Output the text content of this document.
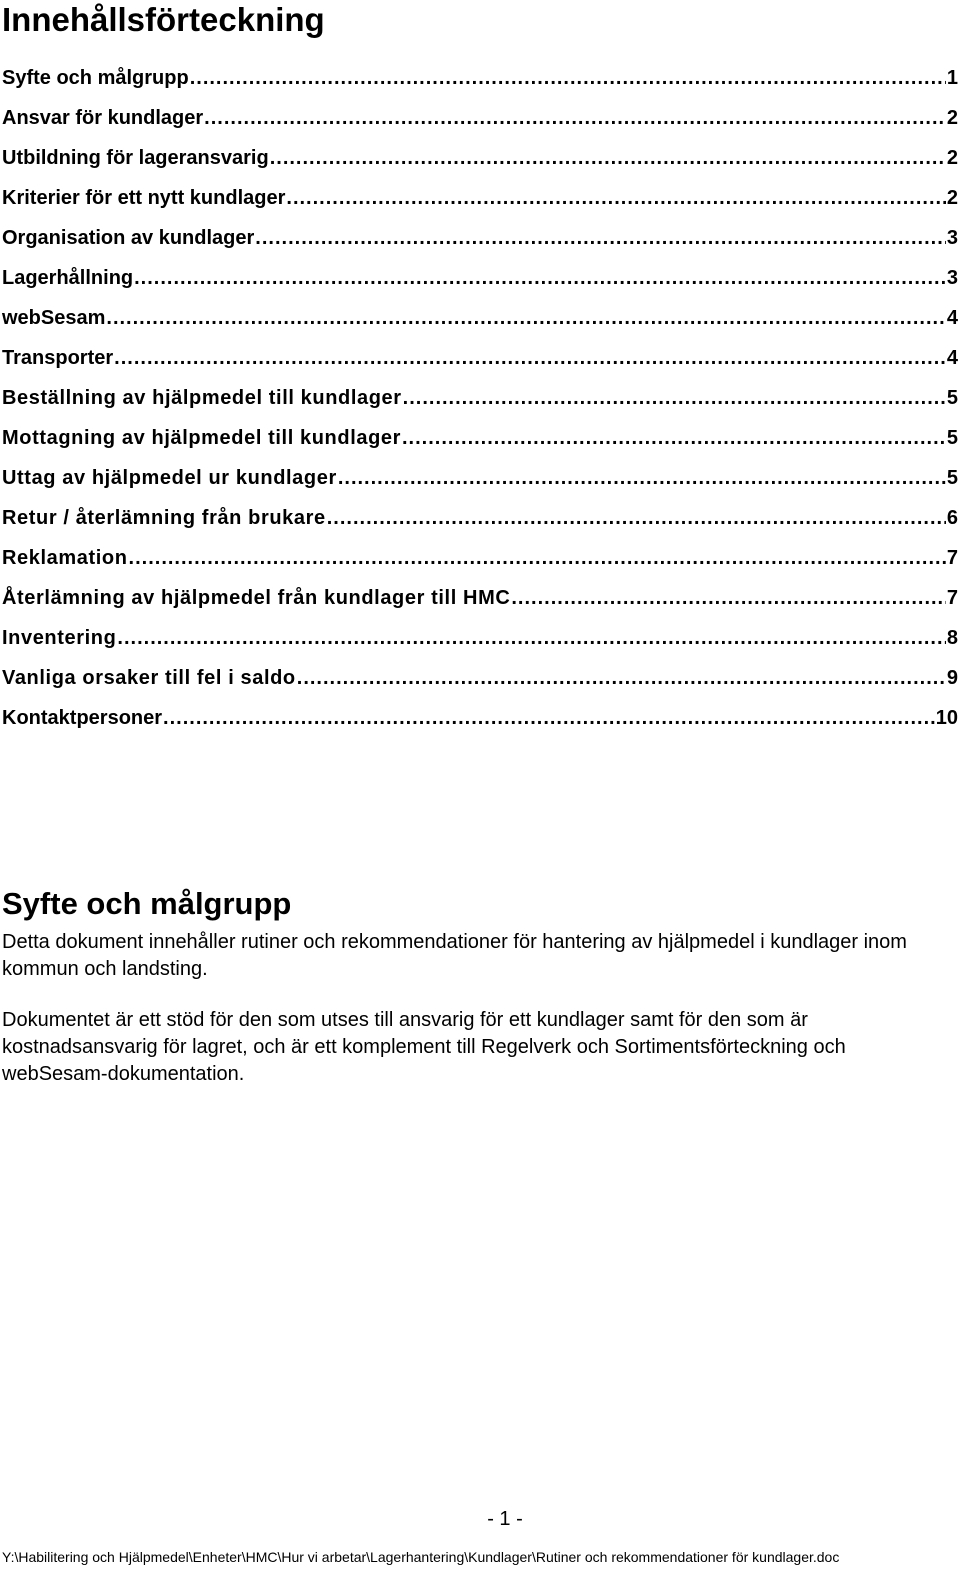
Innehållsförteckning
Syfte och målgrupp .....	1
Ansvar för kundlager .....	2
Utbildning för lageransvarig .....	2
Kriterier för ett nytt kundlager .....	2
Organisation av kundlager .....	3
Lagerhållning .....	3
webSesam .....	4
Transporter .....	4
Beställning av hjälpmedel till kundlager .....	5
Mottagning av hjälpmedel till kundlager .....	5
Uttag av hjälpmedel ur kundlager .....	5
Retur / återlämning från brukare .....	6
Reklamation .....	7
Återlämning av hjälpmedel från kundlager till HMC .....	7
Inventering .....	8
Vanliga orsaker till fel i saldo .....	9
Kontaktpersoner .....	10
Syfte och målgrupp

Detta dokument innehåller rutiner och rekommendationer för hantering av hjälpmedel i kundlager inom kommun och landsting.

Dokumentet är ett stöd för den som utses till ansvarig för ett kundlager samt för den som är kostnadsansvarig för lagret, och är ett komplement till Regelverk och Sortimentsförteckning och webSesam-dokumentation.

- 1 -
Y:\Habilitering och Hjälpmedel\Enheter\HMC\Hur vi arbetar\Lagerhantering\Kundlager\Rutiner och rekommendationer för kundlager.doc
